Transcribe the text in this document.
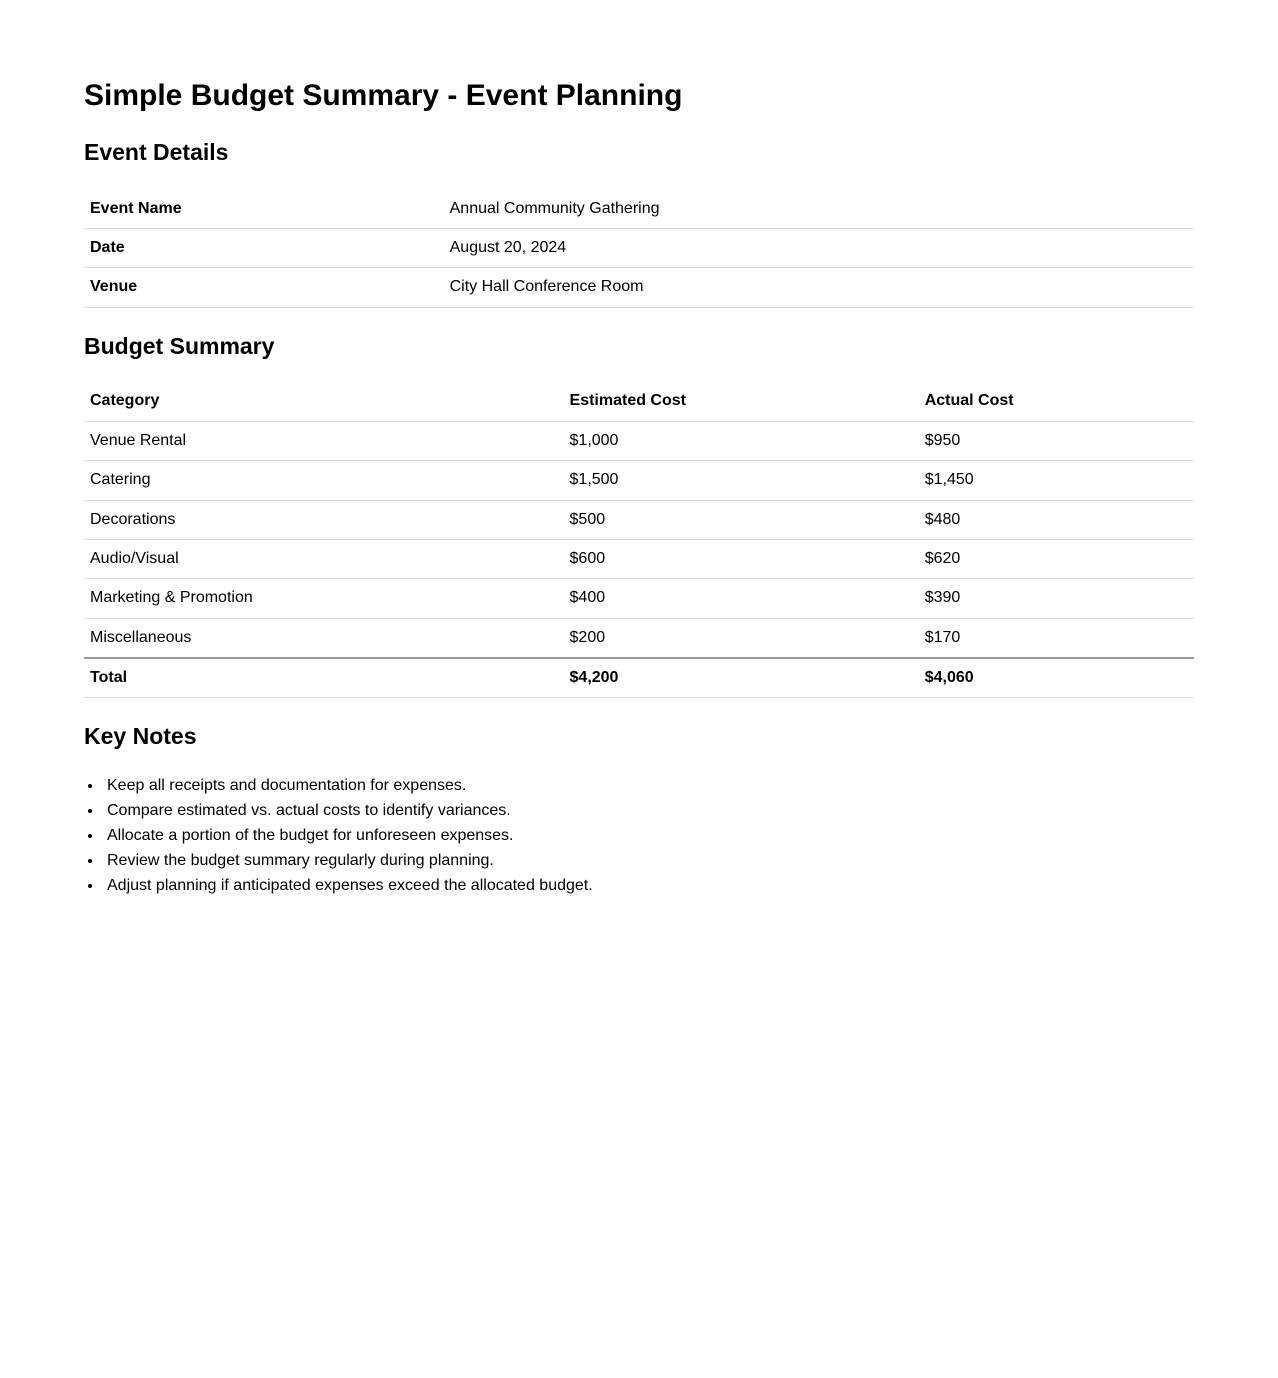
Simple Budget Summary - Event Planning
Event Details
Event Name	Annual Community Gathering
Date	August 20, 2024
Venue	City Hall Conference Room
Budget Summary
Category	Estimated Cost	Actual Cost
Venue Rental	$1,000	$950
Catering	$1,500	$1,450
Decorations	$500	$480
Audio/Visual	$600	$620
Marketing & Promotion	$400	$390
Miscellaneous	$200	$170
Total	$4,200	$4,060
Key Notes
• Keep all receipts and documentation for expenses.
• Compare estimated vs. actual costs to identify variances.
• Allocate a portion of the budget for unforeseen expenses.
• Review the budget summary regularly during planning.
• Adjust planning if anticipated expenses exceed the allocated budget.
